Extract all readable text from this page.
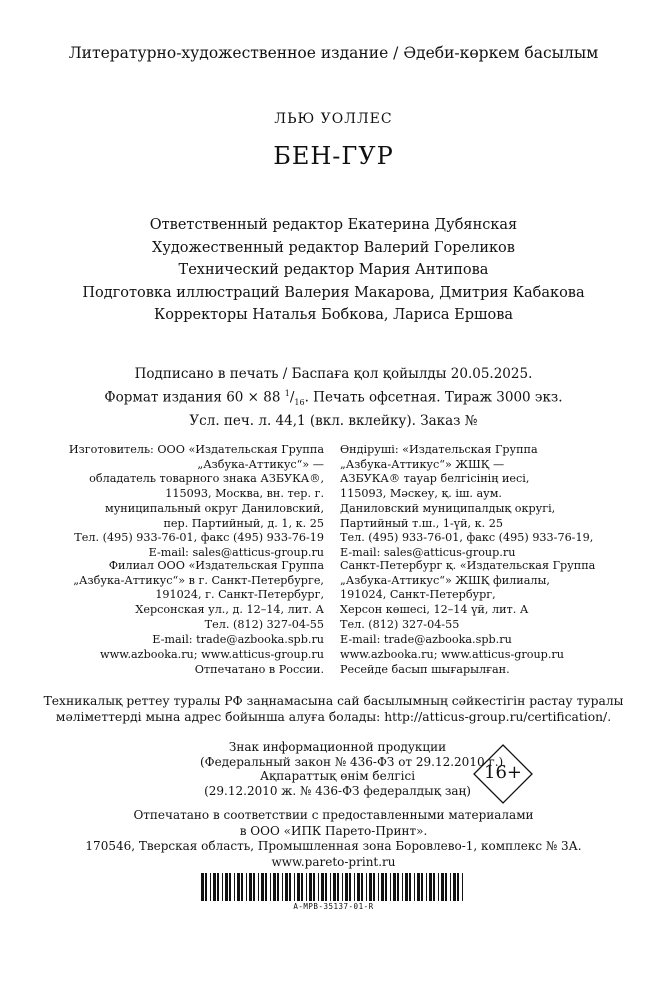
Литературно-художественное издание / Әдеби-көркем басылым
ЛЬЮ УОЛЛЕС
БЕН-ГУР
Ответственный редактор Екатерина Дубянская
Художественный редактор Валерий Гореликов
Технический редактор Мария Антипова
Подготовка иллюстраций Валерия Макарова, Дмитрия Кабакова
Корректоры Наталья Бобкова, Лариса Ершова
Подписано в печать / Баспаға қол қойылды 20.05.2025.
Формат издания 60 × 88 $^1/_{16}$. Печать офсетная. Тираж 3000 экз.
Усл. печ. л. 44,1 (вкл. вклейку). Заказ №
Изготовитель: ООО «Издательская Группа
„Азбука-Аттикус“» —
обладатель товарного знака АЗБУКА®,
115093, Москва, вн. тер. г.
муниципальный округ Даниловский,
пер. Партийный, д. 1, к. 25
Тел. (495) 933-76-01, факс (495) 933-76-19
E-mail: sales@atticus-group.ru
Өндіруші: «Издательская Группа
„Азбука-Аттикус“» ЖШҚ —
АЗБУКА® тауар белгісінің иесі,
115093, Мәскеу, қ. іш. аум.
Даниловский муниципалдық округі,
Партийный т.ш., 1-үй, к. 25
Тел. (495) 933-76-01, факс (495) 933-76-19,
E-mail: sales@atticus-group.ru
Филиал ООО «Издательская Группа
„Азбука-Аттикус“» в г. Санкт-Петербурге,
191024, г. Санкт-Петербург,
Херсонская ул., д. 12–14, лит. А
Тел. (812) 327-04-55
E-mail: trade@azbooka.spb.ru
Санкт-Петербург қ. «Издательская Группа
„Азбука-Аттикус“» ЖШҚ филиалы,
191024, Санкт-Петербург,
Херсон көшесі, 12–14 үй, лит. А
Тел. (812) 327-04-55
E-mail: trade@azbooka.spb.ru
www.azbooka.ru; www.atticus-group.ru
Отпечатано в России.
www.azbooka.ru; www.atticus-group.ru
Ресейде басып шығарылған.
Техникалық реттеу туралы РФ заңнамасына сай басылымның сәйкестігін растау туралы
мәліметтерді мына адрес бойынша алуға болады: http://atticus-group.ru/certification/.
Знак информационной продукции
(Федеральный закон № 436-ФЗ от 29.12.2010 г.)
Ақпараттық өнім белгісі
(29.12.2010 ж. № 436-ФЗ федералдық заң)
16+
Отпечатано в соответствии с предоставленными материалами
в ООО «ИПК Парето-Принт».
170546, Тверская область, Промышленная зона Боровлево-1, комплекс № 3А.
www.pareto-print.ru
A-MPB-35137-01-R
